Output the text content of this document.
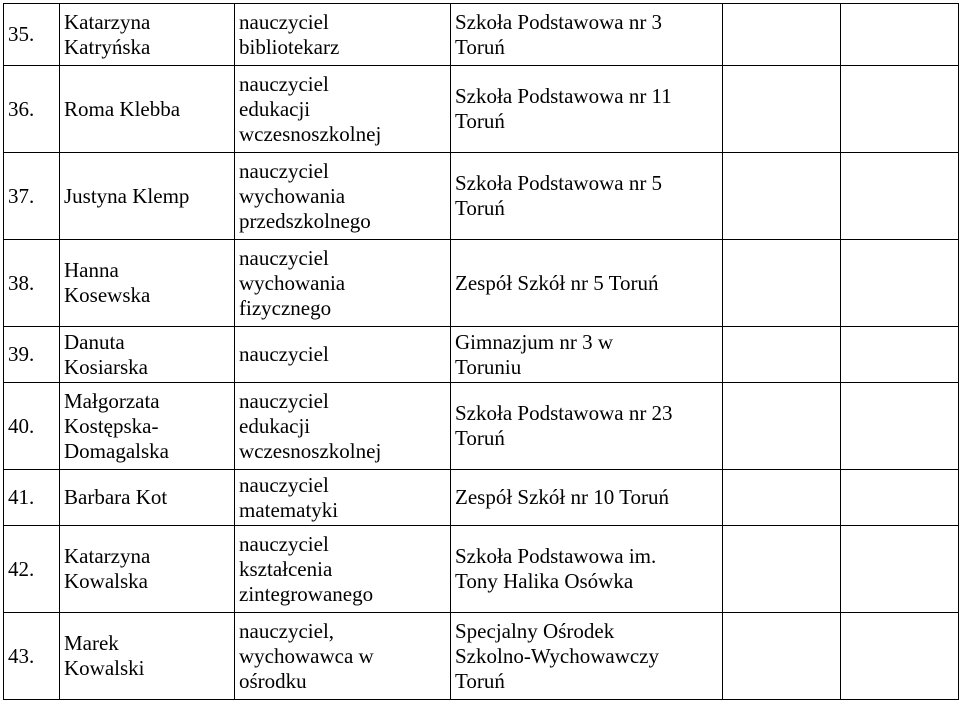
35.	Katarzyna
Katryńska	nauczyciel
bibliotekarz	Szkoła Podstawowa nr 3
Toruń		

36.	Roma Klebba	nauczyciel
edukacji
wczesnoszkolnej	Szkoła Podstawowa nr 11
Toruń		

37.	Justyna Klemp	nauczyciel
wychowania
przedszkolnego	Szkoła Podstawowa nr 5
Toruń		

38.	Hanna
Kosewska	nauczyciel
wychowania
fizycznego	Zespół Szkół nr 5 Toruń		

39.	Danuta
Kosiarska	nauczyciel	Gimnazjum nr 3 w
Toruniu		

40.	Małgorzata
Kostępska-
Domagalska	nauczyciel
edukacji
wczesnoszkolnej	Szkoła Podstawowa nr 23
Toruń		

41.	Barbara Kot	nauczyciel
matematyki	Zespół Szkół nr 10 Toruń		

42.	Katarzyna
Kowalska	nauczyciel
kształcenia
zintegrowanego	Szkoła Podstawowa im.
Tony Halika Osówka		

43.	Marek
Kowalski	nauczyciel,
wychowawca w
ośrodku	Specjalny Ośrodek
Szkolno-Wychowawczy
Toruń		
